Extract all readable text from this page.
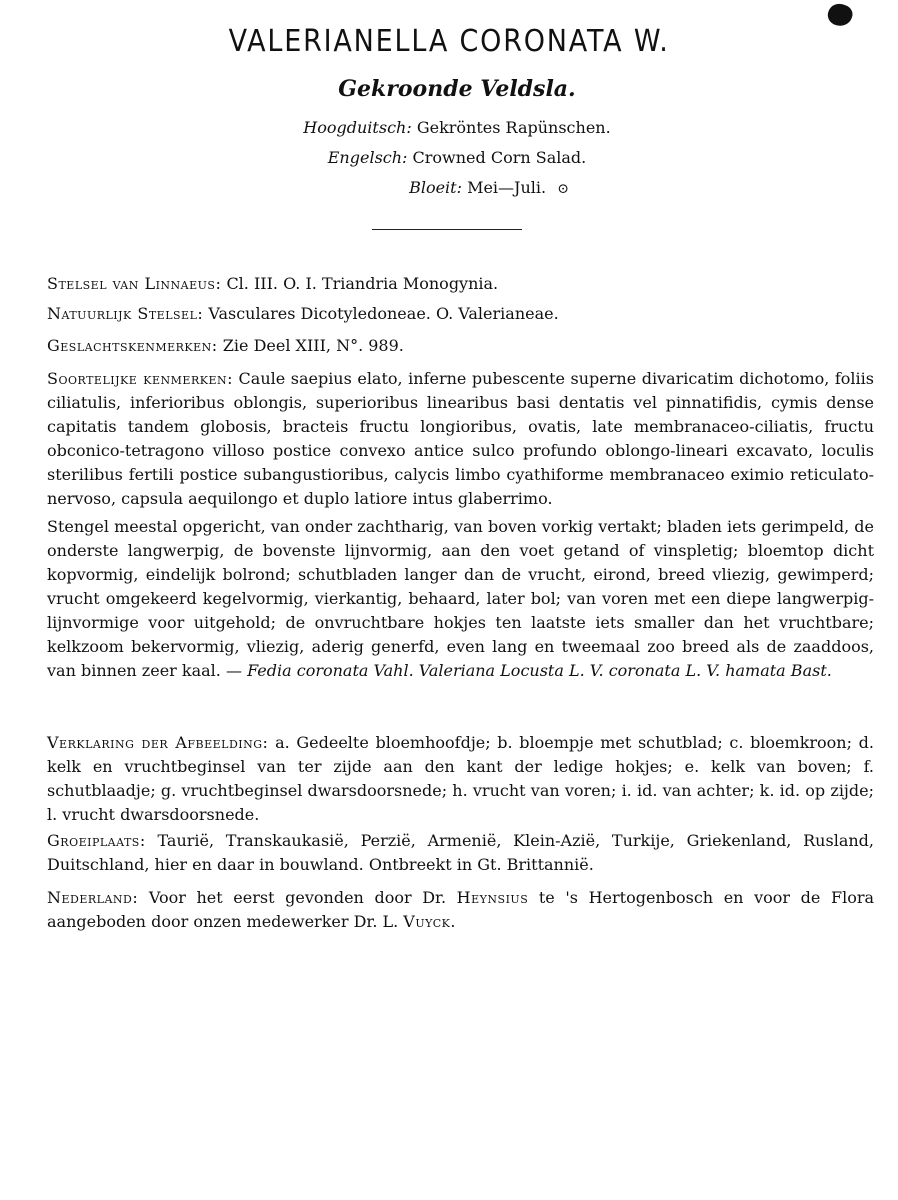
VALERIANELLA CORONATA W.
Gekroonde Veldsla.
Hoogduitsch: Gekröntes Rapünschen.
Engelsch: Crowned Corn Salad.
Bloeit: Mei—Juli. ⊙
Stelsel van Linnaeus: Cl. III. O. I. Triandria Monogynia.
Natuurlijk Stelsel: Vasculares Dicotyledoneae. O. Valerianeae.
Geslachtskenmerken: Zie Deel XIII, N°. 989.
Soortelijke kenmerken: Caule saepius elato, inferne pubescente superne divaricatim dichotomo, foliis ciliatulis, inferioribus oblongis, superioribus linearibus basi dentatis vel pinnatifidis, cymis dense capitatis tandem globosis, bracteis fructu longioribus, ovatis, late membranaceo-ciliatis, fructu obconico-tetragono villoso postice convexo antice sulco profundo oblongo-lineari excavato, loculis sterilibus fertili postice subangustioribus, calycis limbo cyathiforme membranaceo eximio reticulato-nervoso, capsula aequilongo et duplo latiore intus glaberrimo.
Stengel meestal opgericht, van onder zachtharig, van boven vorkig vertakt; bladen iets gerimpeld, de onderste langwerpig, de bovenste lijnvormig, aan den voet getand of vinspletig; bloemtop dicht kopvormig, eindelijk bolrond; schutbladen langer dan de vrucht, eirond, breed vliezig, gewimperd; vrucht omgekeerd kegelvormig, vierkantig, behaard, later bol; van voren met een diepe langwerpig-lijnvormige voor uitgehold; de onvruchtbare hokjes ten laatste iets smaller dan het vruchtbare; kelkzoom bekervormig, vliezig, aderig generfd, even lang en tweemaal zoo breed als de zaaddoos, van binnen zeer kaal. — Fedia coronata Vahl. Valeriana Locusta L. V. coronata L. V. hamata Bast.
Verklaring der Afbeelding: a. Gedeelte bloemhoofdje; b. bloempje met schutblad; c. bloemkroon; d. kelk en vruchtbeginsel van ter zijde aan den kant der ledige hokjes; e. kelk van boven; f. schutblaadje; g. vruchtbeginsel dwarsdoorsnede; h. vrucht van voren; i. id. van achter; k. id. op zijde; l. vrucht dwarsdoorsnede.
Groeiplaats: Taurië, Transkaukasië, Perzië, Armenië, Klein-Azië, Turkije, Griekenland, Rusland, Duitschland, hier en daar in bouwland. Ontbreekt in Gt. Brittannië.
Nederland: Voor het eerst gevonden door Dr. Heynsius te 's Hertogenbosch en voor de Flora aangeboden door onzen medewerker Dr. L. Vuyck.
